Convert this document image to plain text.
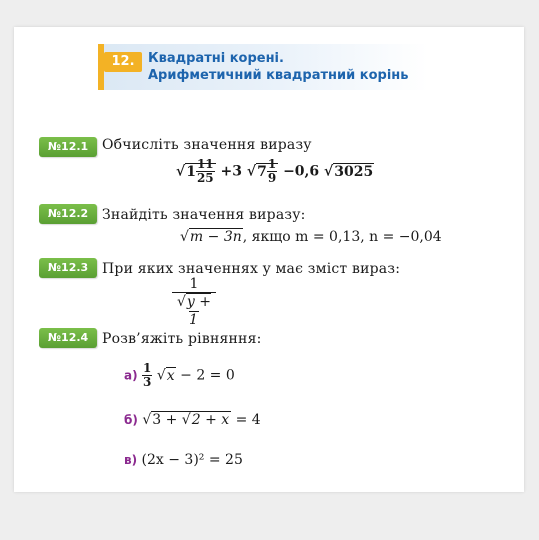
12.	Квадратні корені.
Арифметичний квадратний корінь
№12.1 Обчисліть значення виразу
$√1 \frac{11}{25} +3$ $√7 \frac{1}{9} -0,6$ √3025
№12.2 Знайдіть значення виразу:
√m − 3n, якщо m = 0,13, n = −0,04
№12.3 При яких значеннях y має зміст вираз:
$\frac{1}{√y + 1}$
№12.4 Розв’яжіть рівняння:
$а) \frac{1}{3} √x - 2 = 0$
б) √3 + √2 + x = 4
в) (2x − 3)² = 25
